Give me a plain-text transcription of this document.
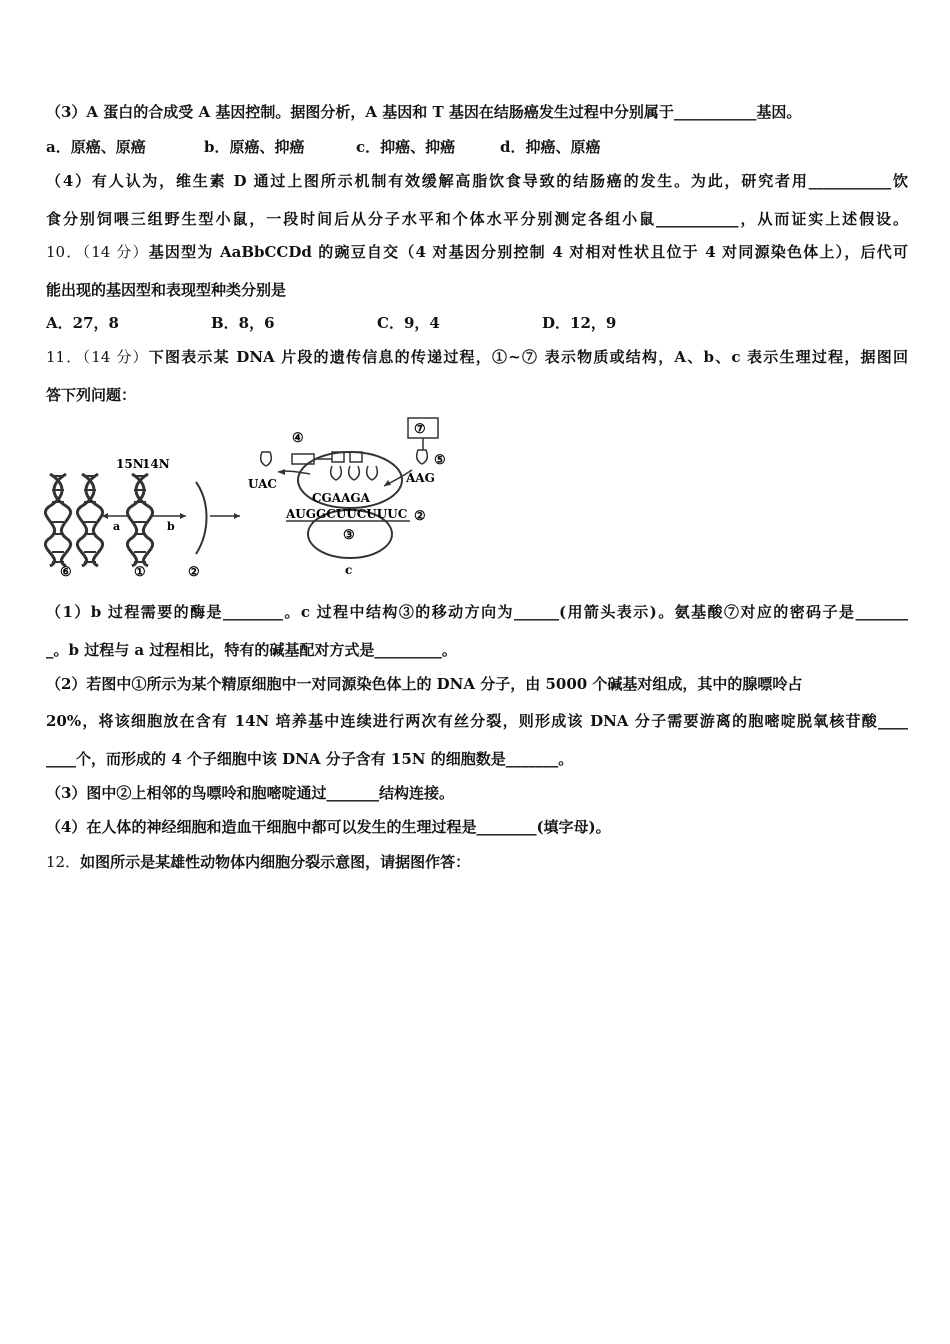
（3）A 蛋白的合成受 A 基因控制。据图分析，A 基因和 T 基因在结肠癌发生过程中分别属于___________基因。
a．原癌、原癌	b．原癌、抑癌	c．抑癌、抑癌	d．抑癌、原癌
（4）有人认为，维生素 D 通过上图所示机制有效缓解高脂饮食导致的结肠癌的发生。为此，研究者用___________饮
食分别饲喂三组野生型小鼠，一段时间后从分子水平和个体水平分别测定各组小鼠___________，从而证实上述假设。
10．（14 分）基因型为 AaBbCCDd 的豌豆自交（4 对基因分别控制 4 对相对性状且位于 4 对同源染色体上），后代可
能出现的基因型和表现型种类分别是
A．27，8	B．8，6	C．9，4	D．12，9
11．（14 分）下图表示某 DNA 片段的遗传信息的传递过程，①~⑦ 表示物质或结构，A、b、c 表示生理过程，据图回
答下列问题：
15N
14N
a	b
⑥	①	②
③
④
⑦
⑤
AAG
UAC
CGAAGA
AUGGCUUCUUUC ②
c
（1）b 过程需要的酶是________。c 过程中结构③的移动方向为______(用箭头表示)。氨基酸⑦对应的密码子是_______
_。b 过程与 a 过程相比，特有的碱基配对方式是_________。
（2）若图中①所示为某个精原细胞中一对同源染色体上的 DNA 分子，由 5000 个碱基对组成，其中的腺嘌呤占
20%，将该细胞放在含有 14N 培养基中连续进行两次有丝分裂，则形成该 DNA 分子需要游离的胞嘧啶脱氧核苷酸____
____个，而形成的 4 个子细胞中该 DNA 分子含有 15N 的细胞数是_______。
（3）图中②上相邻的鸟嘌呤和胞嘧啶通过_______结构连接。
（4）在人体的神经细胞和造血干细胞中都可以发生的生理过程是________(填字母)。
12．如图所示是某雄性动物体内细胞分裂示意图，请据图作答：
